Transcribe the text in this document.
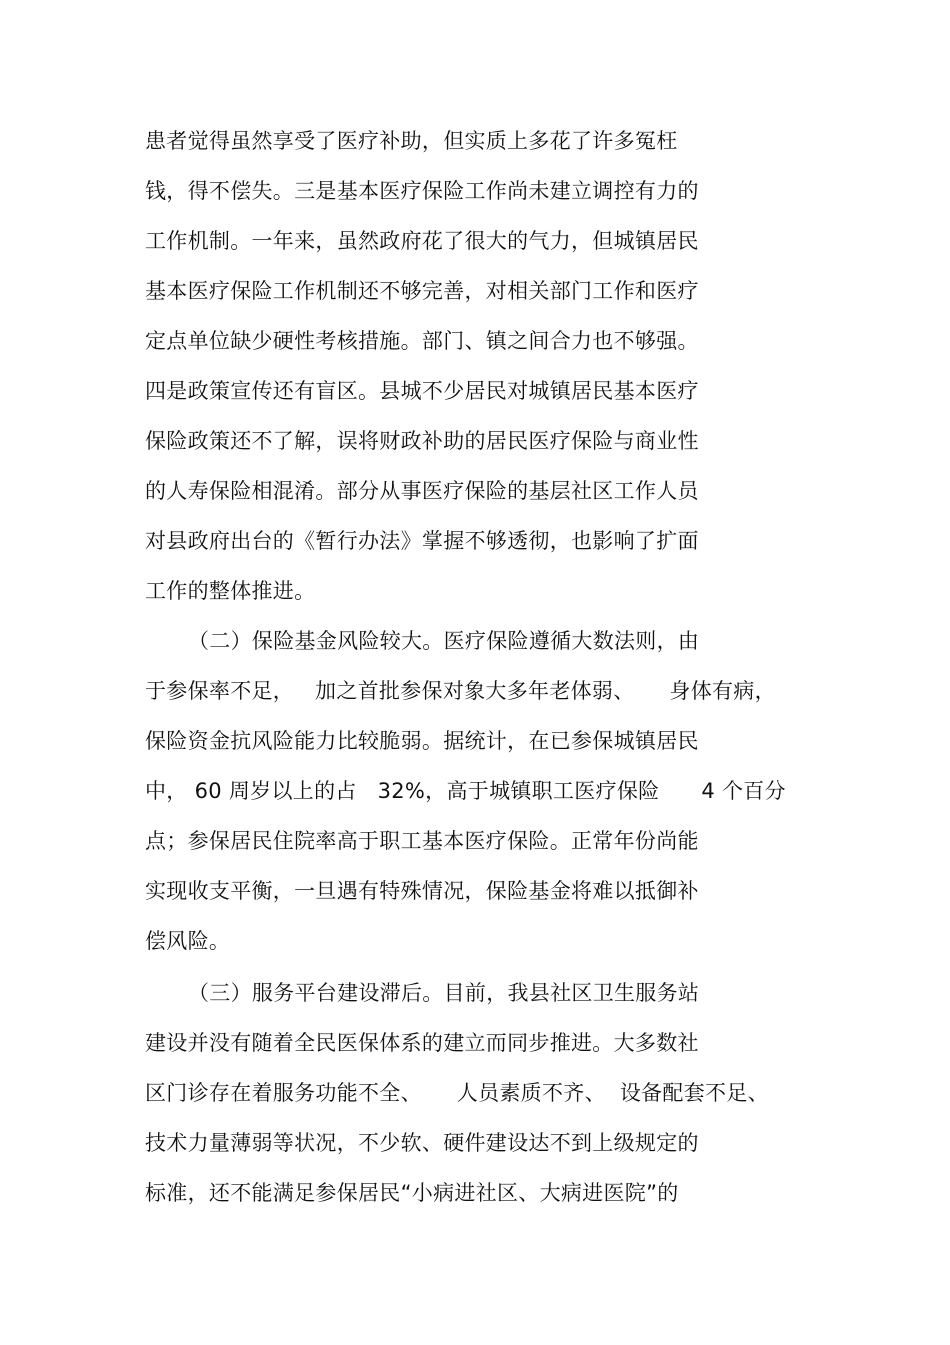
患者觉得虽然享受了医疗补助，但实质上多花了许多冤枉
钱，得不偿失。三是基本医疗保险工作尚未建立调控有力的
工作机制。一年来，虽然政府花了很大的气力，但城镇居民
基本医疗保险工作机制还不够完善，对相关部门工作和医疗
定点单位缺少硬性考核措施。部门、镇之间合力也不够强。
四是政策宣传还有盲区。县城不少居民对城镇居民基本医疗
保险政策还不了解，误将财政补助的居民医疗保险与商业性
的人寿保险相混淆。部分从事医疗保险的基层社区工作人员
对县政府出台的《暂行办法》掌握不够透彻，也影响了扩面
工作的整体推进。
（二）保险基金风险较大。医疗保险遵循大数法则，由
于参保率不足，   加之首批参保对象大多年老体弱、     身体有病，
保险资金抗风险能力比较脆弱。据统计，在已参保城镇居民
中， 60 周岁以上的占   32%，高于城镇职工医疗保险      4 个百分
点；参保居民住院率高于职工基本医疗保险。正常年份尚能
实现收支平衡，一旦遇有特殊情况，保险基金将难以抵御补
偿风险。
（三）服务平台建设滞后。目前，我县社区卫生服务站
建设并没有随着全民医保体系的建立而同步推进。大多数社
区门诊存在着服务功能不全、     人员素质不齐、  设备配套不足、
技术力量薄弱等状况，不少软、硬件建设达不到上级规定的
标准，还不能满足参保居民“小病进社区、大病进医院”的
